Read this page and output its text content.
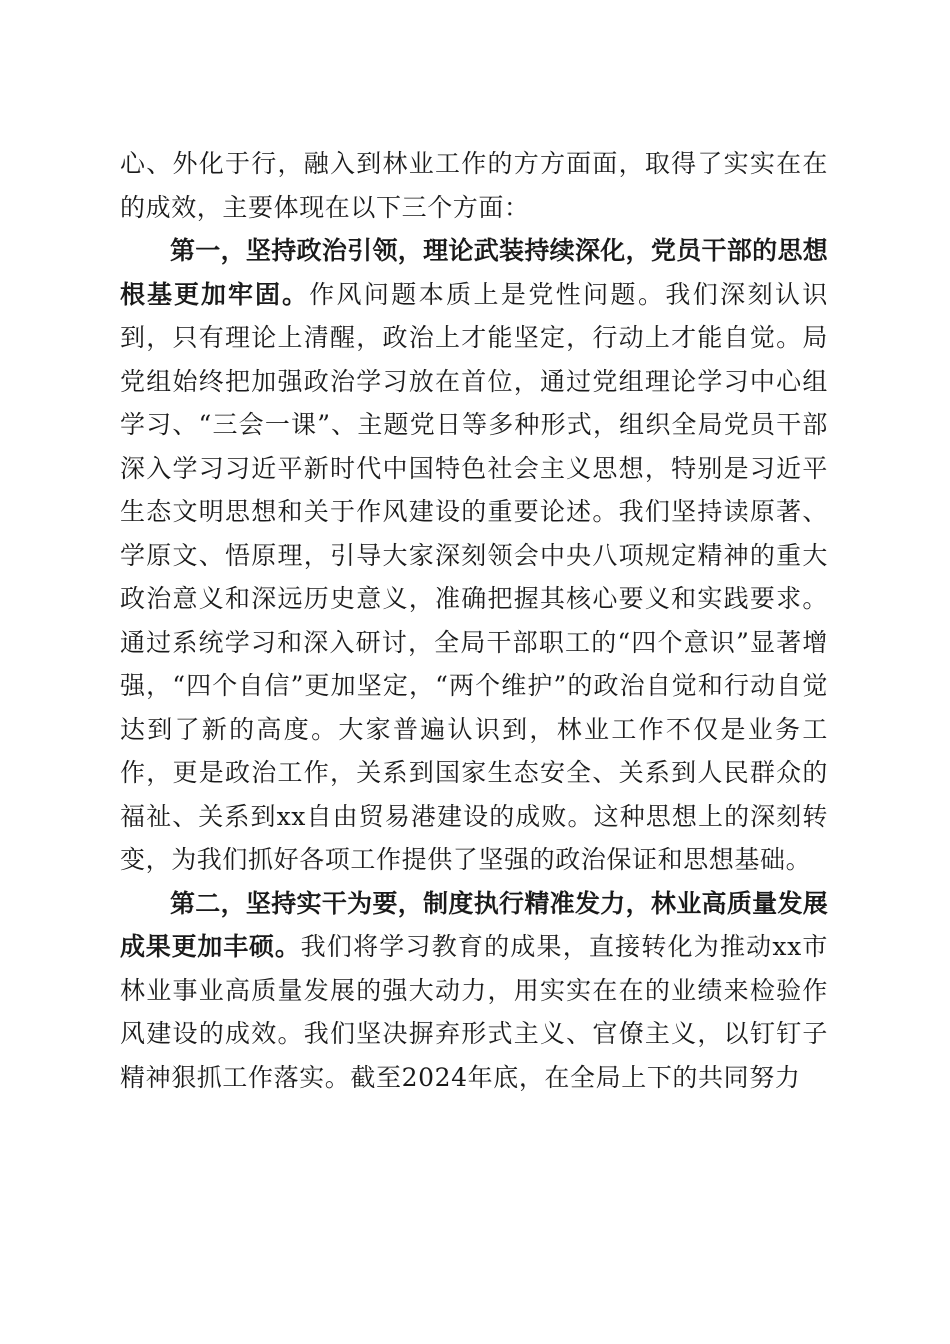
心、外化于行，融入到林业工作的方方面面，取得了实实在在的成效，主要体现在以下三个方面：

第一，坚持政治引领，理论武装持续深化，党员干部的思想根基更加牢固。作风问题本质上是党性问题。我们深刻认识到，只有理论上清醒，政治上才能坚定，行动上才能自觉。局党组始终把加强政治学习放在首位，通过党组理论学习中心组学习、“三会一课”、主题党日等多种形式，组织全局党员干部深入学习习近平新时代中国特色社会主义思想，特别是习近平生态文明思想和关于作风建设的重要论述。我们坚持读原著、学原文、悟原理，引导大家深刻领会中央八项规定精神的重大政治意义和深远历史意义，准确把握其核心要义和实践要求。通过系统学习和深入研讨，全局干部职工的“四个意识”显著增强，“四个自信”更加坚定，“两个维护”的政治自觉和行动自觉达到了新的高度。大家普遍认识到，林业工作不仅是业务工作，更是政治工作，关系到国家生态安全、关系到人民群众的福祉、关系到xx自由贸易港建设的成败。这种思想上的深刻转变，为我们抓好各项工作提供了坚强的政治保证和思想基础。

第二，坚持实干为要，制度执行精准发力，林业高质量发展成果更加丰硕。我们将学习教育的成果，直接转化为推动xx市林业事业高质量发展的强大动力，用实实在在的业绩来检验作风建设的成效。我们坚决摒弃形式主义、官僚主义，以钉钉子精神狠抓工作落实。截至2024年底，在全局上下的共同努力
